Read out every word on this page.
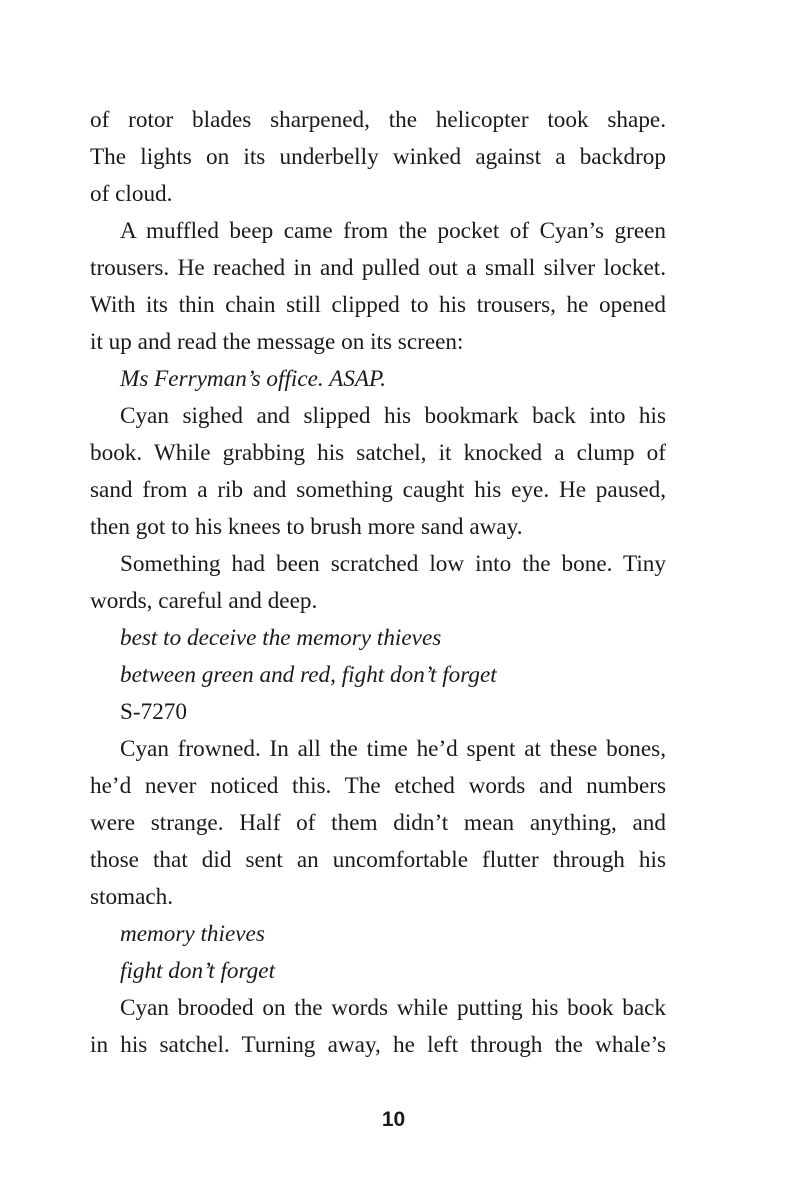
of rotor blades sharpened, the helicopter took shape.
The lights on its underbelly winked against a backdrop
of cloud.
A muffled beep came from the pocket of Cyan’s green
trousers. He reached in and pulled out a small silver locket.
With its thin chain still clipped to his trousers, he opened
it up and read the message on its screen:
Ms Ferryman’s office. ASAP.
Cyan sighed and slipped his bookmark back into his
book. While grabbing his satchel, it knocked a clump of
sand from a rib and something caught his eye. He paused,
then got to his knees to brush more sand away.
Something had been scratched low into the bone. Tiny
words, careful and deep.
best to deceive the memory thieves
between green and red, fight don’t forget
S-7270
Cyan frowned. In all the time he’d spent at these bones,
he’d never noticed this. The etched words and numbers
were strange. Half of them didn’t mean anything, and
those that did sent an uncomfortable flutter through his
stomach.
memory thieves
fight don’t forget
Cyan brooded on the words while putting his book back
in his satchel. Turning away, he left through the whale’s
10
